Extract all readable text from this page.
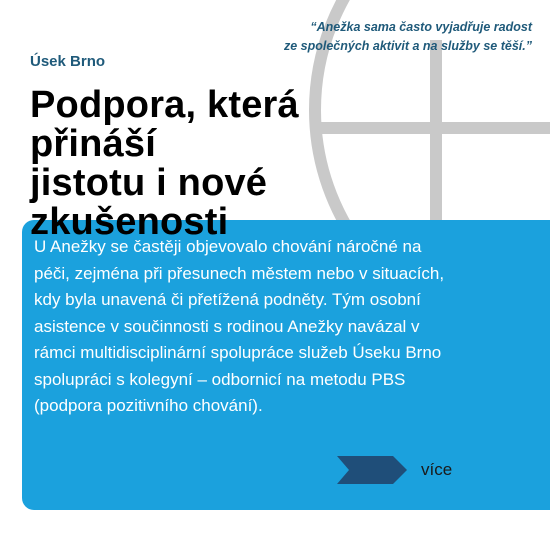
“Anežka sama často vyjadřuje radost
ze společných aktivit a na služby se těší.”
Úsek Brno
Podpora, která přináší
jistotu i nové
zkušenosti

U Anežky se častěji objevovalo chování náročné na
péči, zejména při přesunech městem nebo v situacích,
kdy byla unavená či přetížená podněty. Tým osobní
asistence v součinnosti s rodinou Anežky navázal v
rámci multidisciplinární spolupráce služeb Úseku Brno
spolupráci s kolegyní – odbornicí na metodu PBS
(podpora pozitivního chování).

více
